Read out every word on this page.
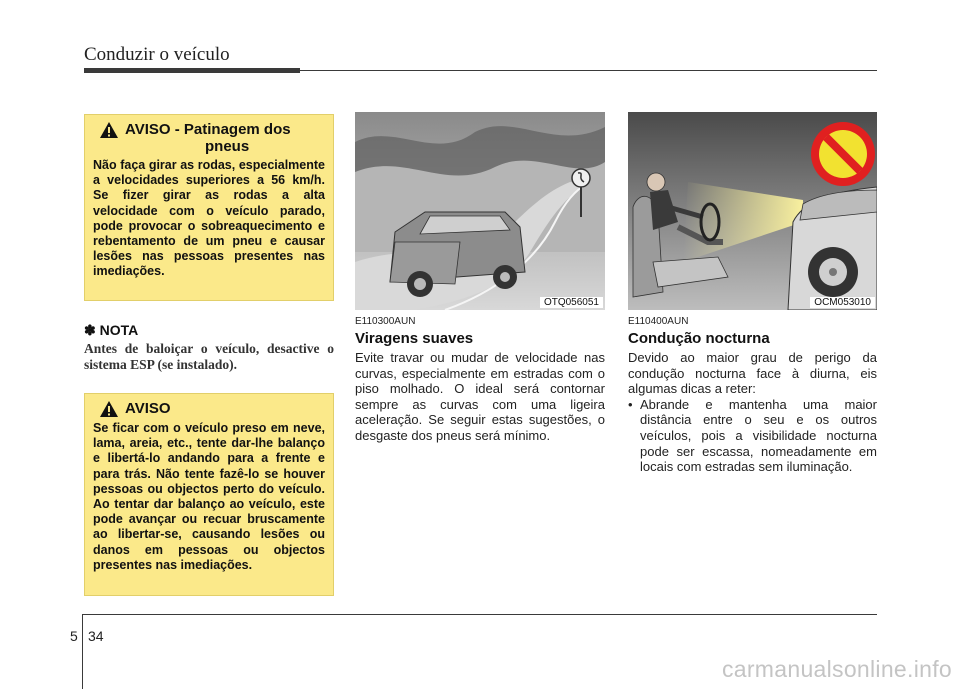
Conduzir o veículo
AVISO - Patinagem dos
pneus
Não faça girar as rodas, especialmente a velocidades superiores a 56 km/h. Se fizer girar as rodas a alta velocidade com o veículo parado, pode provocar o sobreaquecimento e rebentamento de um pneu e causar lesões nas pessoas presentes nas imediações.
✽ NOTA
Antes de baloiçar o veículo, desactive o sistema ESP (se instalado).
AVISO
Se ficar com o veículo preso em neve, lama, areia, etc., tente dar-lhe balanço e libertá-lo andando para a frente e para trás. Não tente fazê-lo se houver pessoas ou objectos perto do veículo. Ao tentar dar balanço ao veículo, este pode avançar ou recuar bruscamente ao libertar-se, causando lesões ou danos em pessoas ou objectos presentes nas imediações.
OTQ056051	OCM053010
E110300AUN
Viragens suaves
Evite travar ou mudar de velocidade nas curvas, especialmente em estradas com o piso molhado. O ideal será contornar sempre as curvas com uma ligeira aceleração. Se seguir estas sugestões, o desgaste dos pneus será mínimo.
E110400AUN
Condução nocturna
Devido ao maior grau de perigo da condução nocturna face à diurna, eis algumas dicas a reter:
• Abrande e mantenha uma maior distância entre o seu e os outros veículos, pois a visibilidade nocturna pode ser escassa, nomeadamente em locais com estradas sem iluminação.
5 34
carmanualsonline.info
